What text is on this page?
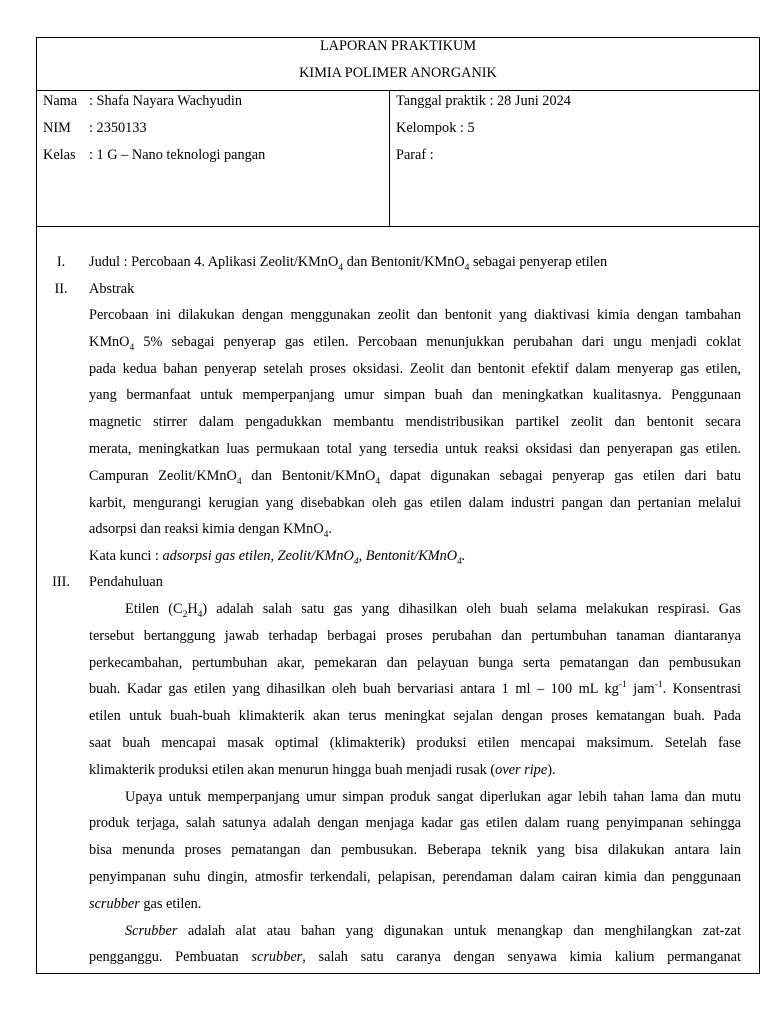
LAPORAN PRAKTIKUM
KIMIA POLIMER ANORGANIK
Nama : Shafa Nayara Wachyudin
NIM : 2350133
Kelas : 1 G – Nano teknologi pangan
Tanggal praktik : 28 Juni 2024
Kelompok : 5
Paraf :
I.	Judul : Percobaan 4. Aplikasi Zeolit/KMnO$_4$ dan Bentonit/KMnO$_4$ sebagai penyerap etilen
II.	Abstrak
Percobaan ini dilakukan dengan menggunakan zeolit dan bentonit yang diaktivasi kimia dengan tambahan
KMnO$_4$ 5% sebagai penyerap gas etilen. Percobaan menunjukkan perubahan dari ungu menjadi coklat
pada kedua bahan penyerap setelah proses oksidasi. Zeolit dan bentonit efektif dalam menyerap gas etilen,
yang bermanfaat untuk memperpanjang umur simpan buah dan meningkatkan kualitasnya. Penggunaan
magnetic stirrer dalam pengadukkan membantu mendistribusikan partikel zeolit dan bentonit secara
merata, meningkatkan luas permukaan total yang tersedia untuk reaksi oksidasi dan penyerapan gas etilen.
Campuran Zeolit/KMnO$_4$ dan Bentonit/KMnO$_4$ dapat digunakan sebagai penyerap gas etilen dari batu
karbit, mengurangi kerugian yang disebabkan oleh gas etilen dalam industri pangan dan pertanian melalui
adsorpsi dan reaksi kimia dengan KMnO$_4$.
Kata kunci : adsorpsi gas etilen, Zeolit/KMnO$_4$, Bentonit/KMnO$_4$.
III.	Pendahuluan
Etilen $(C_2H_4)$ adalah salah satu gas yang dihasilkan oleh buah selama melakukan respirasi. Gas
tersebut bertanggung jawab terhadap berbagai proses perubahan dan pertumbuhan tanaman diantaranya
perkecambahan, pertumbuhan akar, pemekaran dan pelayuan bunga serta pematangan dan pembusukan
buah. Kadar gas etilen yang dihasilkan oleh buah bervariasi antara 1 ml – 100 mL $kg^{-1}$ jam$^{-1}$. Konsentrasi
etilen untuk buah-buah klimakterik akan terus meningkat sejalan dengan proses kematangan buah. Pada
saat buah mencapai masak optimal (klimakterik) produksi etilen mencapai maksimum. Setelah fase
klimakterik produksi etilen akan menurun hingga buah menjadi rusak (over ripe).
Upaya untuk memperpanjang umur simpan produk sangat diperlukan agar lebih tahan lama dan mutu
produk terjaga, salah satunya adalah dengan menjaga kadar gas etilen dalam ruang penyimpanan sehingga
bisa menunda proses pematangan dan pembusukan. Beberapa teknik yang bisa dilakukan antara lain
penyimpanan suhu dingin, atmosfir terkendali, pelapisan, perendaman dalam cairan kimia dan penggunaan
scrubber gas etilen.
Scrubber adalah alat atau bahan yang digunakan untuk menangkap dan menghilangkan zat-zat
pengganggu. Pembuatan scrubber, salah satu caranya dengan senyawa kimia kalium permanganat
